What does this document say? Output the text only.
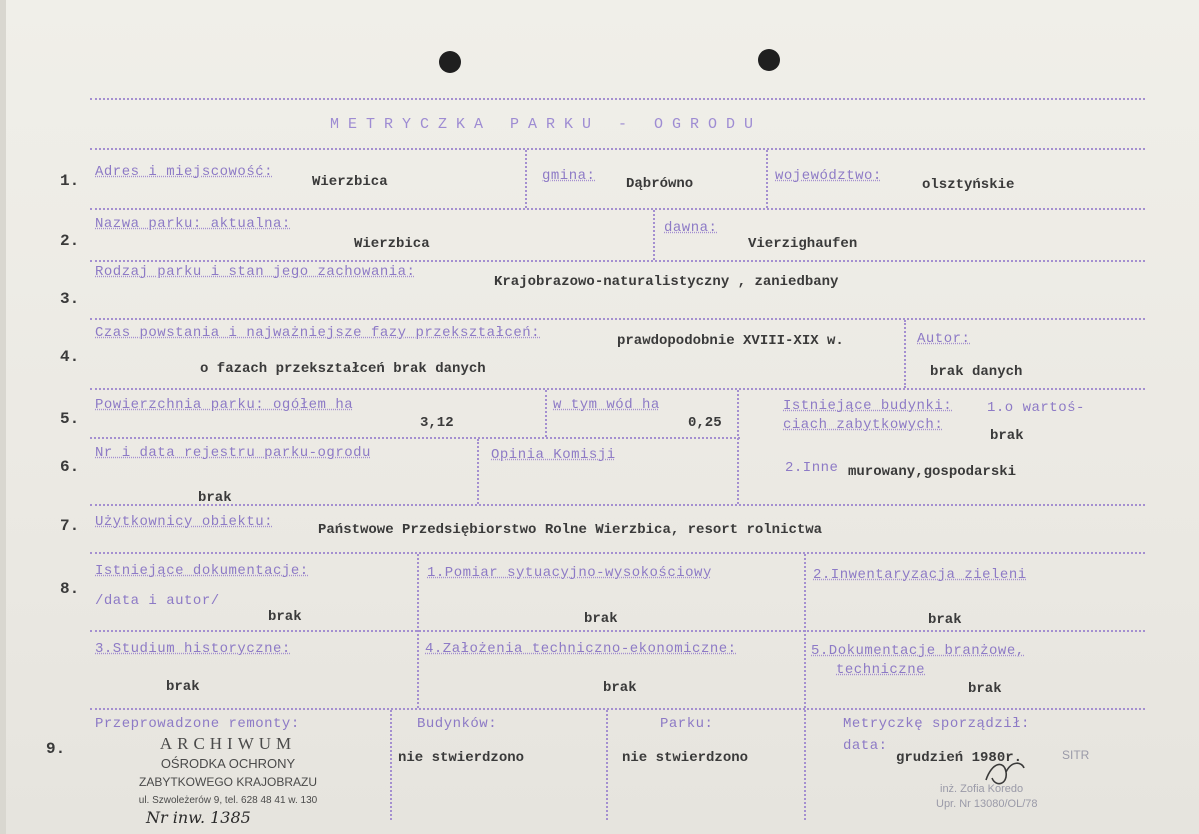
METRYCZKA PARKU - OGRODU
1. Adres i miejscowość:
Wierzbica	gmina: Dąbrówno	województwo:
olsztyńskie
2.
Nazwa parku: aktualna:
Wierzbica
dawna:
Vierzighaufen
3.
Rodzaj parku i stan jego zachowania:
Krajobrazowo-naturalistyczny , zaniedbany
4.
Czas powstania i najważniejsze fazy przekształceń:	prawdopodobnie XVIII-XIX w.
o fazach przekształceń brak danych
Autor:
brak danych
5.
Powierzchnia parku: ogółem ha
3,12
w tym wód ha
0,25
Istniejące budynki: 1.o wartoś-
ciach zabytkowych:
brak
6.
Nr i data rejestru parku-ogrodu
brak
Opinia Komisji
2.Inne murowany,gospodarski
7. Użytkownicy obiektu:	Państwowe Przedsiębiorstwo Rolne Wierzbica, resort rolnictwa
8.
Istniejące dokumentacje:
/data i autor/
brak
1.Pomiar sytuacyjno-wysokościowy
brak
2.Inwentaryzacja zieleni
brak
3.Studium historyczne:
brak
4.Założenia techniczno-ekonomiczne:
brak
5.Dokumentacje branżowe,
techniczne
brak
9.
Przeprowadzone remonty:	Budynków:
nie stwierdzono
Parku:
nie stwierdzono
Metryczkę sporządził:
data:
grudzień 1980r.
ARCHIWUM
OŚRODKA OCHRONY
ZABYTKOWEGO KRAJOBRAZU
ul. Szwoleżerów 9, tel. 628 48 41 w. 130
Nr inw. 1385
SITR
inż. Zofia Koredo
Upr. Nr 13080/OL/78
